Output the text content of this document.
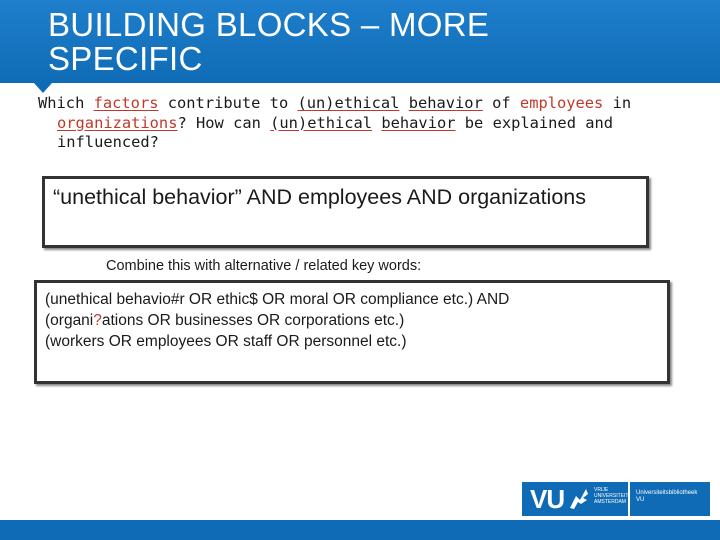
BUILDING BLOCKS – MORE
SPECIFIC

Which factors contribute to (un)ethical behavior of employees in
organizations? How can (un)ethical behavior be explained and
influenced?

“unethical behavior” AND employees AND organizations

Combine this with alternative / related key words:

(unethical behavio#r OR ethic$ OR moral OR compliance etc.) AND
(organi?ations OR businesses OR corporations etc.)
(workers OR employees OR staff OR personnel etc.)
VU	VRIJE UNIVERSITEIT AMSTERDAM
Universiteitsbibliotheek VU
